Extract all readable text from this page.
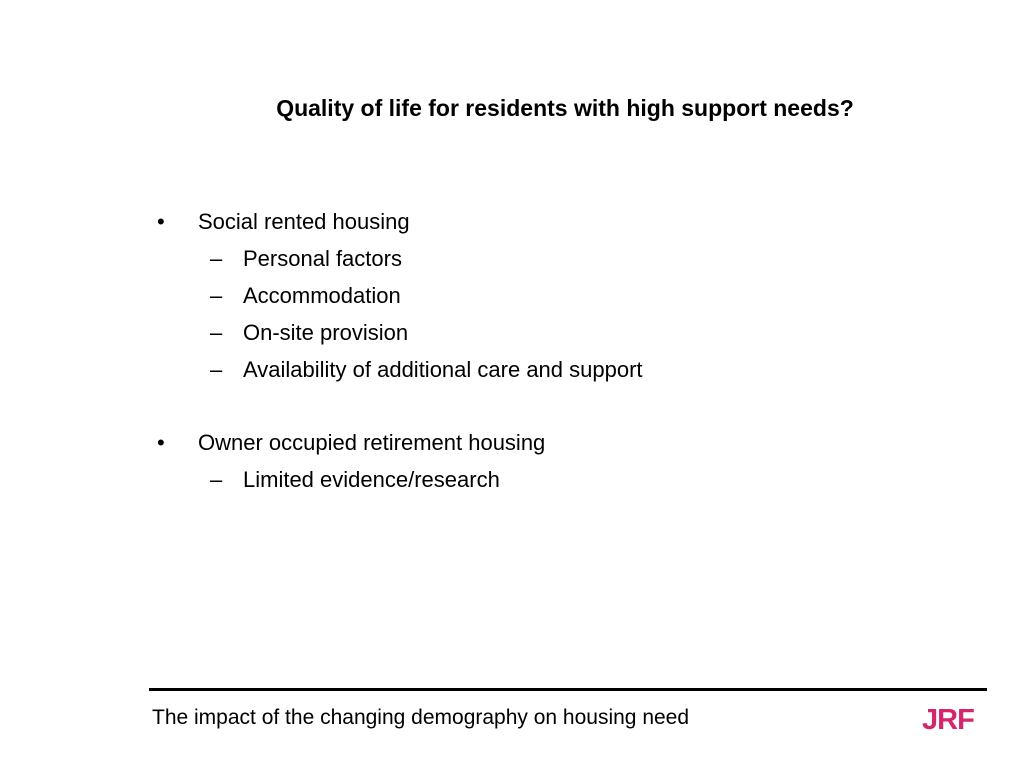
Quality of life for residents with high support needs?
•	Social rented housing
– Personal factors
– Accommodation
– On-site provision
– Availability of additional care and support
•	Owner occupied retirement housing
– Limited evidence/research
The impact of the changing demography on housing need	JRF
